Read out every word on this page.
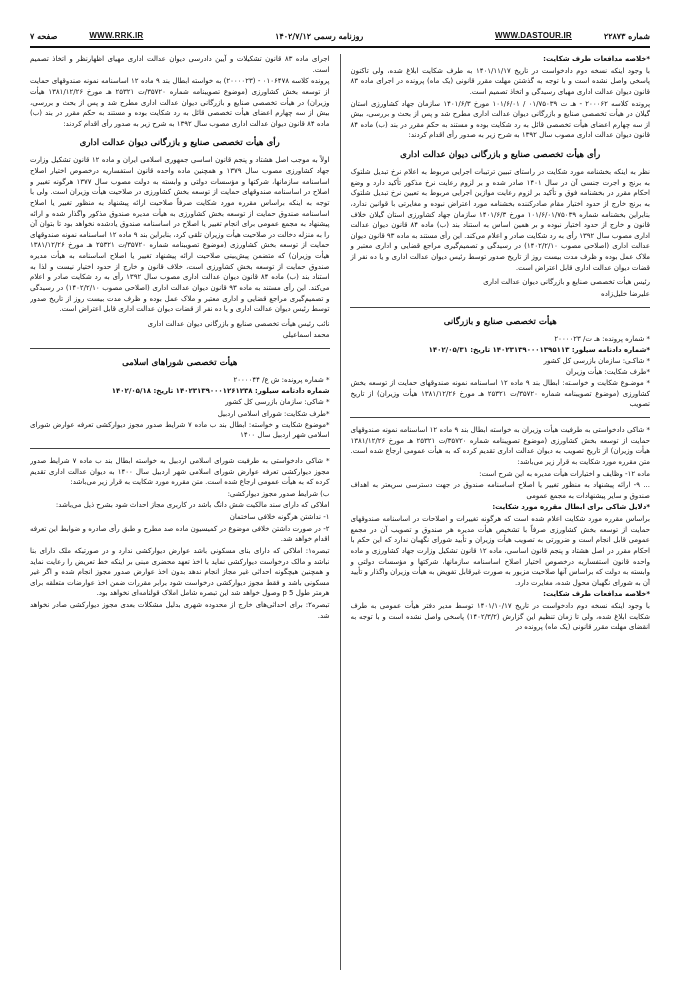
شماره ۲۲۸۷۳
WWW.DASTOUR.IR
روزنامه رسمی ۱۴۰۲/۷/۱۲
WWW.RRK.IR
صفحه ۷

*خلاصه مدافعات طرف شکایت:

با وجود اینکه نسخه دوم دادخواست در تاریخ ۱۴۰۱/۱۱/۱۷ به طرف شکایت ابلاغ شده، ولی تاکنون پاسخی واصل نشده است و با توجه به گذشتن مهلت مقرر قانونی (یک ماه) پرونده در اجرای ماده ۸۳ قانون دیوان عدالت اداری مهیای رسیدگی و اتخاذ تصمیم است.

پرونده کلاسه ۲۰۰۰۶۲ - هـ ت ۰۱/۷۵۰۳۹ / ۱۰۱/۶/۰۱ مورخ ۱۴۰۱/۶/۳ سازمان جهاد کشاورزی استان گیلان در هیأت تخصصی صنایع و بازرگانی دیوان عدالت اداری مطرح شد و پس از بحث و بررسی، بیش از سه چهارم اعضای هیأت تخصصی قائل به رد شکایت بوده و مستند به حکم مقرر در بند (ب) ماده ۸۴ قانون دیوان عدالت اداری مصوب سال ۱۳۹۲ به شرح زیر به صدور رأی اقدام کردند:

رأی هیأت تخصصی صنایع و بازرگانی دیوان عدالت اداری

نظر به اینکه بخشنامه مورد شکایت در راستای تبیین ترتیبات اجرایی مربوط به اعلام نرخ تبدیل شلتوک به برنج و اجرت جنسی آن در سال ۱۴۰۱ صادر شده و بر لزوم رعایت نرخ مذکور تأکید دارد و وضع احکام مقرر در بخشنامه فوق و تأکید بر لزوم رعایت موازین اجرایی مربوط به تعیین نرخ تبدیل شلتوک به برنج خارج از حدود اختیار مقام صادرکننده بخشنامه مورد اعتراض نبوده و مغایرتی با قوانین ندارد، بنابراین بخشنامه شماره ۱۰۱/۶/۰۱/۷۵۰۳۹ مورخ ۱۴۰۱/۶/۳ سازمان جهاد کشاورزی استان گیلان خلاف قانون و خارج از حدود اختیار نبوده و بر همین اساس به استناد بند (ب) ماده ۸۴ قانون دیوان عدالت اداری مصوب سال ۱۳۹۲ رأی به رد شکایت صادر و اعلام می‌کند. این رأی مستند به ماده ۹۳ قانون دیوان عدالت اداری (اصلاحی مصوب ۱۴۰۲/۲/۱۰) در رسیدگی و تصمیم‌گیری مراجع قضایی و اداری معتبر و ملاک عمل بوده و ظرف مدت بیست روز از تاریخ صدور توسط رئیس دیوان عدالت اداری و یا ده نفر از قضات دیوان عدالت اداری قابل اعتراض است.

رئیس هیأت تخصصی صنایع و بازرگانی دیوان عدالت اداری

علیرضا خلیل‌زاده

هیأت تخصصی صنایع و بازرگانی

* شماره پرونده: هـ ت/ ۲۰۰۰۰۲۳

*شماره دادنامه سیلور: ۱۴۰۲۳۱۳۹۰۰۰۱۳۹۵۱۱۳ تاریخ: ۱۴۰۲/۰۵/۳۱

* شاکـی: سازمان بازرسی کل کشور

*طرف شکایت: هیأت وزیران

* موضـوع شکایت و خواسـته: ابطال بند ۹ ماده ۱۲ اساسنامه نمونه صندوقهای حمایت از توسعه بخش کشاورزی (موضوع تصویبنامه شماره ۳۵۷۲۰/ت ۲۵۳۲۱ هـ مورخ ۱۳۸۱/۱۲/۲۶ هیأت وزیران) از تاریخ تصویب

* شاکی دادخواستی به طرفیت هیأت وزیران به خواسته ابطال بند ۹ ماده ۱۲ اساسنامه نمونه صندوقهای حمایت از توسعه بخش کشاورزی (موضوع تصویبنامه شماره ۳۵۷۲۰/ت ۲۵۳۲۱ هـ مورخ ۱۳۸۱/۱۲/۲۶ هیأت وزیران) از تاریخ تصویب به دیوان عدالت اداری تقدیم کرده که به هیأت عمومی ارجاع شده است. متن مقرره مورد شکایت به قرار زیر می‌باشد:

ماده ۱۲- وظایف و اختیارات هیأت مدیره به این شرح است:

... ۹- ارائه پیشنهاد به منظور تغییر یا اصلاح اساسنامه صندوق در جهت دسترسی سریعتر به اهداف صندوق و سایر پیشنهادات به مجمع عمومی

*دلایل شاکی برای ابطال مقرره مورد شکایت:

براساس مقرره مورد شکایت اعلام شده است که هرگونه تغییرات و اصلاحات در اساسنامه صندوقهای حمایت از توسعه بخش کشاورزی صرفاً با تشخیص هیأت مدیره هر صندوق و تصویب آن در مجمع عمومی قابل انجام است و ضرورتی به تصویب هیأت وزیران و تأیید شورای نگهبان ندارد که این حکم با احکام مقرر در اصل هشتاد و پنجم قانون اساسی، ماده ۱۲ قانون تشکیل وزارت جهاد کشاورزی و ماده واحده قانون استفساریه درخصوص اختیار اصلاح اساسنامه سازمانها، شرکتها و مؤسسات دولتی و وابسته به دولت که براساس آنها صلاحیت مزبور به صورت غیرقابل تفویض به هیأت وزیران واگذار و تأیید آن به شورای نگهبان محول شده، مغایرت دارد.

*خلاصه مدافعات طرف شکایت:

با وجود اینکه نسخه دوم دادخواست در تاریخ ۱۴۰۱/۱۰/۱۷ توسط مدیر دفتر هیأت عمومی به طرف شکایت ابلاغ شده، ولی تا زمان تنظیم این گزارش (۱۴۰۲/۳/۲) پاسخی واصل نشده است و با توجه به انقضای مهلت مقرر قانونی (یک ماه) پرونده در

اجرای ماده ۸۳ قانون تشکیلات و آیین دادرسی دیوان عدالت اداری مهیای اظهارنظر و اتخاذ تصمیم است.

پرونده کلاسه ۰۱۰۶۴۷۸ - (۲۰۰۰۰۲۳) به خواسته ابطال بند ۹ ماده ۱۲ اساسنامه نمونه صندوقهای حمایت از توسعه بخش کشاورزی (موضوع تصویبنامه شماره ۳۵۷۲۰/ت ۲۵۳۲۱ هـ مورخ ۱۳۸۱/۱۲/۲۶ هیأت وزیران) در هیأت تخصصی صنایع و بازرگانی دیوان عدالت اداری مطرح شد و پس از بحث و بررسی، بیش از سه چهارم اعضای هیأت تخصصی قائل به رد شکایت بوده و مستند به حکم مقرر در بند (ب) ماده ۸۴ قانون دیوان عدالت اداری مصوب سال ۱۳۹۲ به شرح زیر به صدور رأی اقدام کردند:

رأی هیأت تخصصی صنایع و بازرگانی دیوان عدالت اداری

اولاً به موجب اصل هشتاد و پنجم قانون اساسی جمهوری اسلامی ایران و ماده ۱۲ قانون تشکیل وزارت جهاد کشاورزی مصوب سال ۱۳۷۹ و همچنین ماده واحده قانون استفساریه درخصوص اختیار اصلاح اساسنامه سازمانها، شرکتها و مؤسسات دولتی و وابسته به دولت مصوب سال ۱۳۷۷ هرگونه تغییر و اصلاح در اساسنامه صندوقهای حمایت از توسعه بخش کشاورزی در صلاحیت هیأت وزیران است. ولی با توجه به اینکه براساس مقرره مورد شکایت صرفاً صلاحیت ارائه پیشنهاد به منظور تغییر یا اصلاح اساسنامه صندوق حمایت از توسعه بخش کشاورزی به هیأت مدیره صندوق مذکور واگذار شده و ارائه پیشنهاد به مجمع عمومی برای انجام تغییر یا اصلاح در اساسنامه صندوق یادشده نخواهد بود تا بتوان آن را به منزله دخالت در صلاحیت هیأت وزیران تلقی کرد، بنابراین بند ۹ ماده ۱۲ اساسنامه نمونه صندوقهای حمایت از توسعه بخش کشاورزی (موضوع تصویبنامه شماره ۳۵۷۲۰/ت ۲۵۳۲۱ هـ مورخ ۱۳۸۱/۱۲/۲۶ هیأت وزیران) که متضمن پیش‌بینی صلاحیت ارائه پیشنهاد تغییر یا اصلاح اساسنامه به هیأت مدیره صندوق حمایت از توسعه بخش کشاورزی است، خلاف قانون و خارج از حدود اختیار نیست و لذا به استناد بند (ب) ماده ۸۴ قانون دیوان عدالت اداری مصوب سال ۱۳۹۲ رأی به رد شکایت صادر و اعلام می‌کند. این رأی مستند به ماده ۹۳ قانون دیوان عدالت اداری (اصلاحی مصوب ۱۴۰۲/۲/۱۰) در رسیدگی و تصمیم‌گیری مراجع قضایی و اداری معتبر و ملاک عمل بوده و ظرف مدت بیست روز از تاریخ صدور توسط رئیس دیوان عدالت اداری و یا ده نفر از قضات دیوان عدالت اداری قابل اعتراض است.

نائب رئیس هیأت تخصصی صنایع و بازرگانی دیوان عدالت اداری

محمد اسماعیلی

هیأت تخصصی شوراهای اسلامی

* شماره پرونده: ش ع/ ۲۰۰۰۰۴۴

شماره دادنامه سیلور: ۱۴۰۲۳۱۳۹۰۰۰۱۲۶۱۲۳۸ تاریخ: ۱۴۰۲/۰۵/۱۸

* شاکی: سازمان بازرسی کل کشور

*طرف شکایت: شورای اسلامی اردبیل

*موضوع شکایت و خواسته: ابطال بند ب ماده ۷ شرایط صدور مجوز دیوارکشی تعرفه عوارض شورای اسلامی شهر اردبیل سال ۱۴۰۰

* شاکی دادخواستی به طرفیت شورای اسلامی اردبیل به خواسته ابطال بند ب ماده ۷ شرایط صدور مجوز دیوارکشی تعرفه عوارض شورای اسلامی شهر اردبیل سال ۱۴۰۰ به دیوان عدالت اداری تقدیم کرده که به هیأت عمومی ارجاع شده است. متن مقرره مورد شکایت به قرار زیر می‌باشد:

ب) شرایط صدور مجوز دیوارکشی:

املاکی که دارای سند مالکیت شش دانگ باشد در کاربری مجاز احداث شود بشرح ذیل می‌باشد:

۱- نداشتن هرگونه خلافی ساختمان

۲- در صورت داشتن خلافی موضوع در کمیسیون ماده صد مطرح و طبق رأی صادره و ضوابط این تعرفه اقدام خواهد شد.

تبصره۱: املاکی که دارای بنای مسکونی باشد عوارض دیوارکشی ندارد و در صورتیکه ملک دارای بنا نباشد و مالک درخواست دیوارکشی نماید با اخذ تعهد محضری مبنی بر اینکه خط تعریض را رعایت نماید و همچنین هیچگونه احداثی غیر مجاز انجام ندهد بدون اخذ عوارض صدور مجوز انجام شده و اگر غیر مسکونی باشد و فقط مجوز دیوارکشی درخواست شود برابر مقررات ضمن اخذ عوارضات متعلقه برای هرمتر طول p 5 وصول خواهد شد این تبصره شامل املاک قولنامه‌ای نخواهد بود.

تبصره۲: برای احداثی‌های خارج از محدوده شهری بدلیل مشکلات بعدی مجوز دیوارکشی صادر نخواهد شد.
